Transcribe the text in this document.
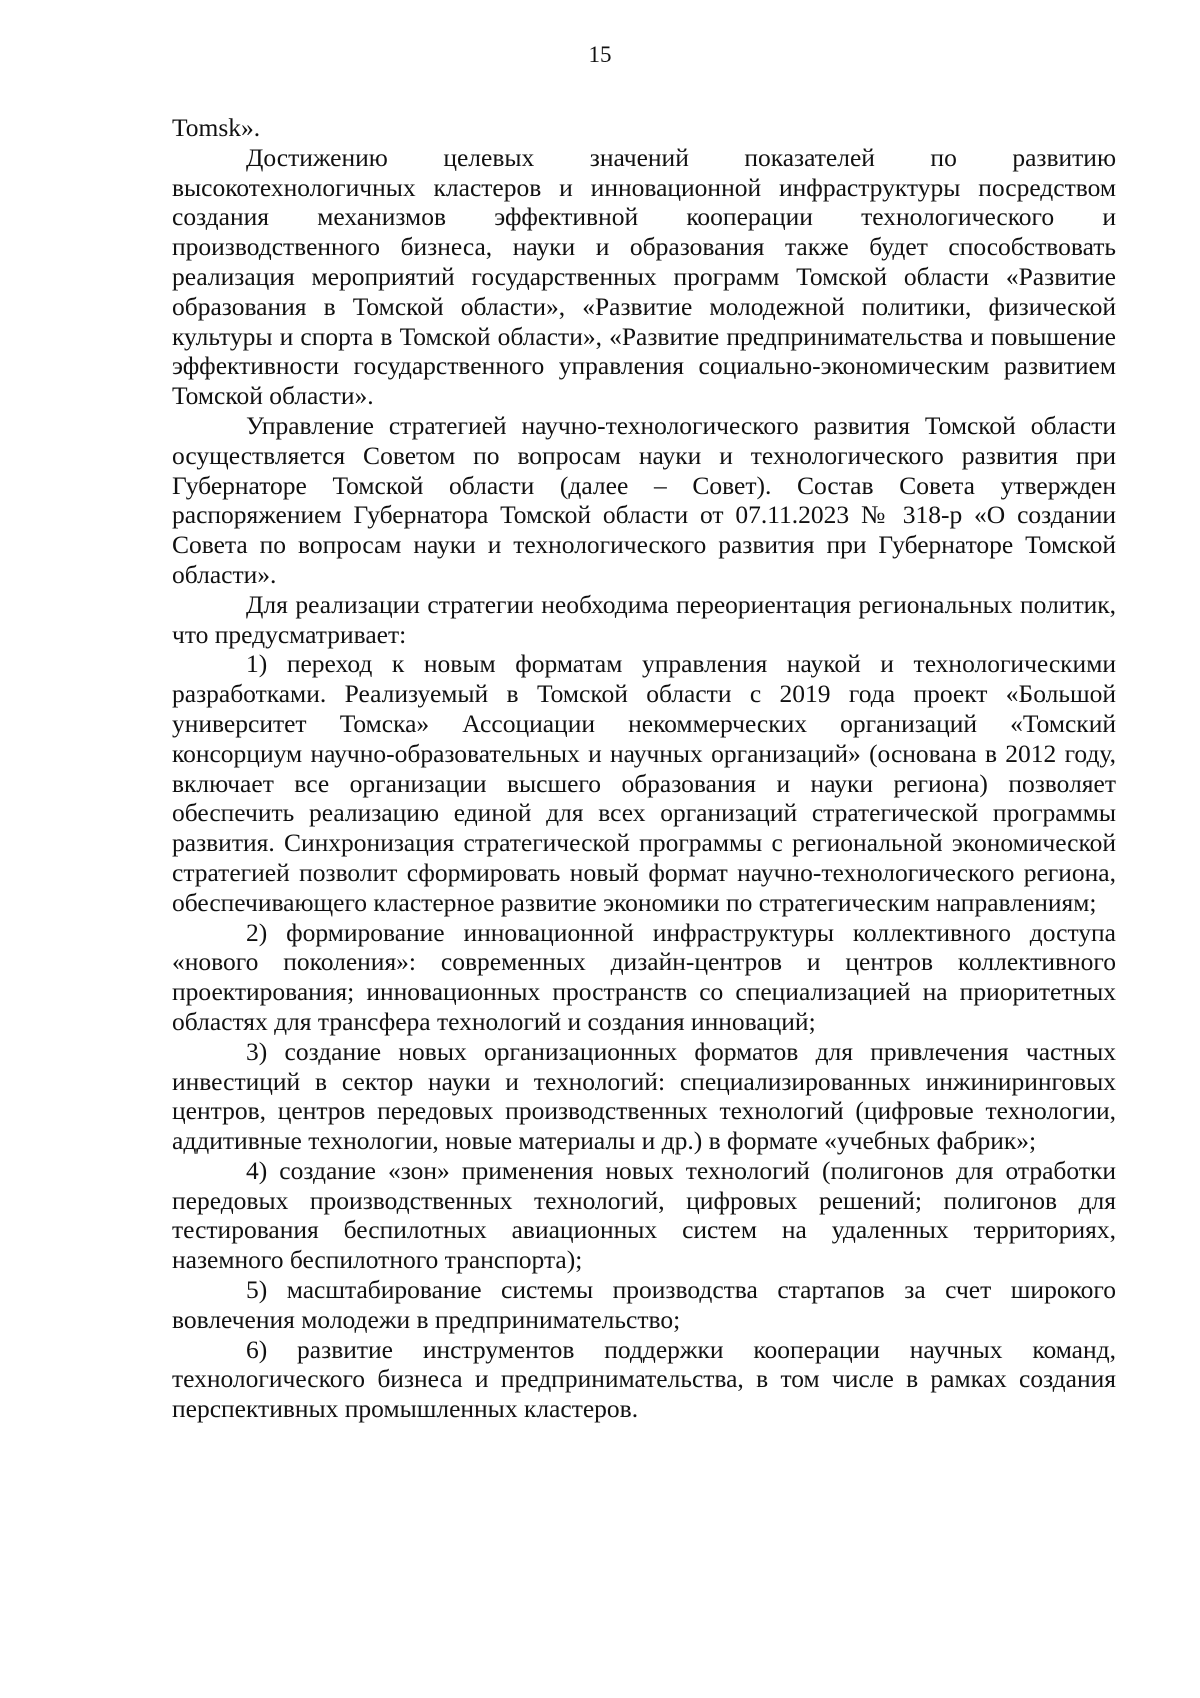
15

Tomsk».

Достижению целевых значений показателей по развитию высокотехнологичных кластеров и инновационной инфраструктуры посредством создания механизмов эффективной кооперации технологического и производственного бизнеса, науки и образования также будет способствовать реализация мероприятий государственных программ Томской области «Развитие образования в Томской области», «Развитие молодежной политики, физической культуры и спорта в Томской области», «Развитие предпринимательства и повышение эффективности государственного управления социально-экономическим развитием Томской области».

Управление стратегией научно-технологического развития Томской области осуществляется Советом по вопросам науки и технологического развития при Губернаторе Томской области (далее – Совет). Состав Совета утвержден распоряжением Губернатора Томской области от 07.11.2023 № 318-р «О создании Совета по вопросам науки и технологического развития при Губернаторе Томской области».

Для реализации стратегии необходима переориентация региональных политик, что предусматривает:

1) переход к новым форматам управления наукой и технологическими разработками. Реализуемый в Томской области с 2019 года проект «Большой университет Томска» Ассоциации некоммерческих организаций «Томский консорциум научно-образовательных и научных организаций» (основана в 2012 году, включает все организации высшего образования и науки региона) позволяет обеспечить реализацию единой для всех организаций стратегической программы развития. Синхронизация стратегической программы с региональной экономической стратегией позволит сформировать новый формат научно-технологического региона, обеспечивающего кластерное развитие экономики по стратегическим направлениям;

2) формирование инновационной инфраструктуры коллективного доступа «нового поколения»: современных дизайн-центров и центров коллективного проектирования; инновационных пространств со специализацией на приоритетных областях для трансфера технологий и создания инноваций;

3) создание новых организационных форматов для привлечения частных инвестиций в сектор науки и технологий: специализированных инжиниринговых центров, центров передовых производственных технологий (цифровые технологии, аддитивные технологии, новые материалы и др.) в формате «учебных фабрик»;

4) создание «зон» применения новых технологий (полигонов для отработки передовых производственных технологий, цифровых решений; полигонов для тестирования беспилотных авиационных систем на удаленных территориях, наземного беспилотного транспорта);

5) масштабирование системы производства стартапов за счет широкого вовлечения молодежи в предпринимательство;

6) развитие инструментов поддержки кооперации научных команд, технологического бизнеса и предпринимательства, в том числе в рамках создания перспективных промышленных кластеров.
